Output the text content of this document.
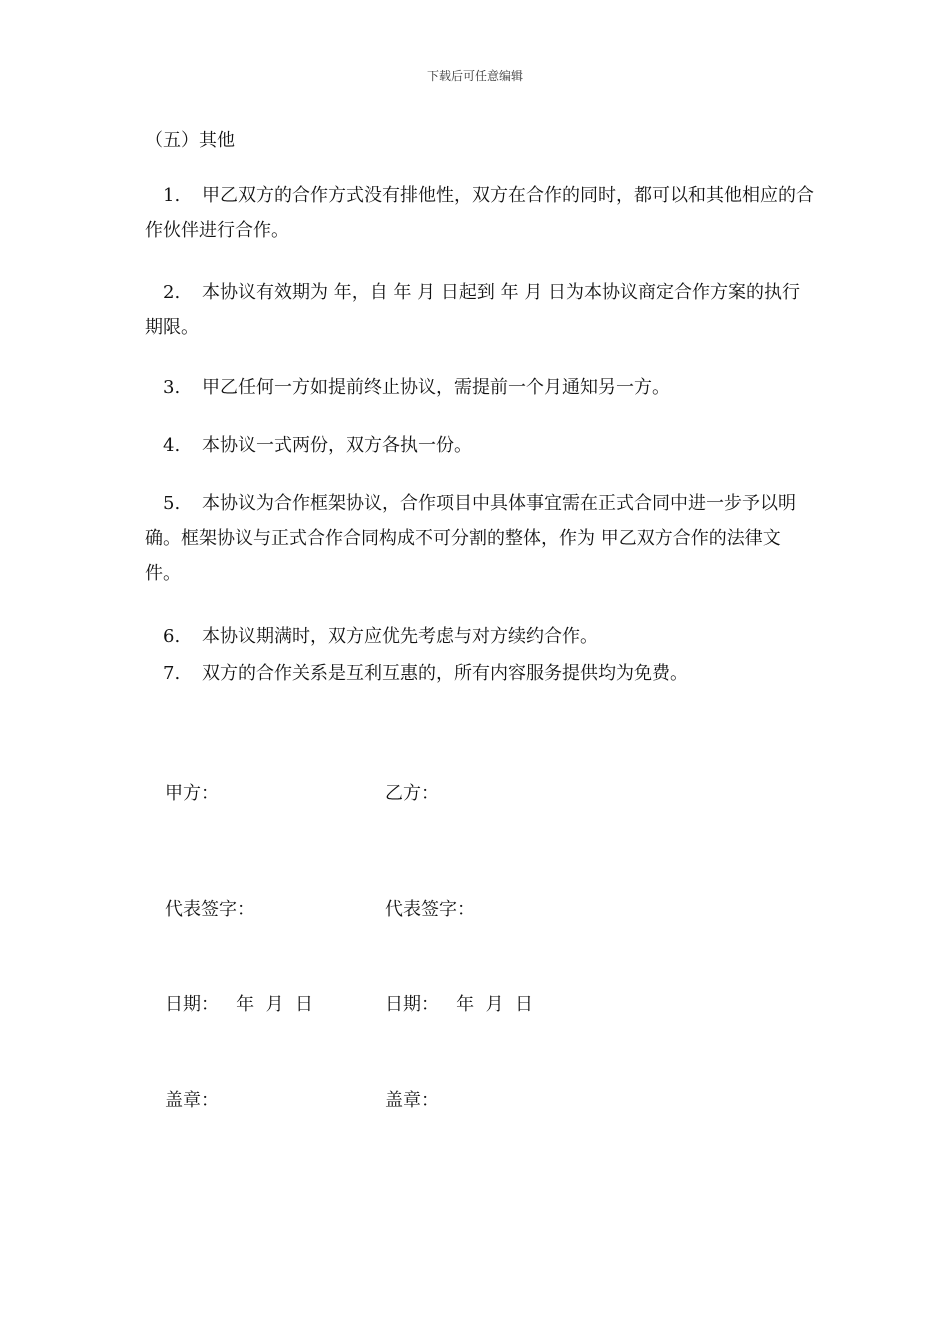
下载后可任意编辑
（五）其他
1. 甲乙双方的合作方式没有排他性，双方在合作的同时，都可以和其他相应的合作伙伴进行合作。
2. 本协议有效期为 年，自 年 月 日起到 年 月 日为本协议商定合作方案的执行期限。
3. 甲乙任何一方如提前终止协议，需提前一个月通知另一方。
4. 本协议一式两份，双方各执一份。
5. 本协议为合作框架协议，合作项目中具体事宜需在正式合同中进一步予以明确。框架协议与正式合作合同构成不可分割的整体，作为 甲乙双方合作的法律文件。
6. 本协议期满时，双方应优先考虑与对方续约合作。
7. 双方的合作关系是互利互惠的，所有内容服务提供均为免费。
甲方：	乙方：
代表签字：	代表签字：
日期：   年  月  日	日期：   年  月  日
盖章：	盖章：
